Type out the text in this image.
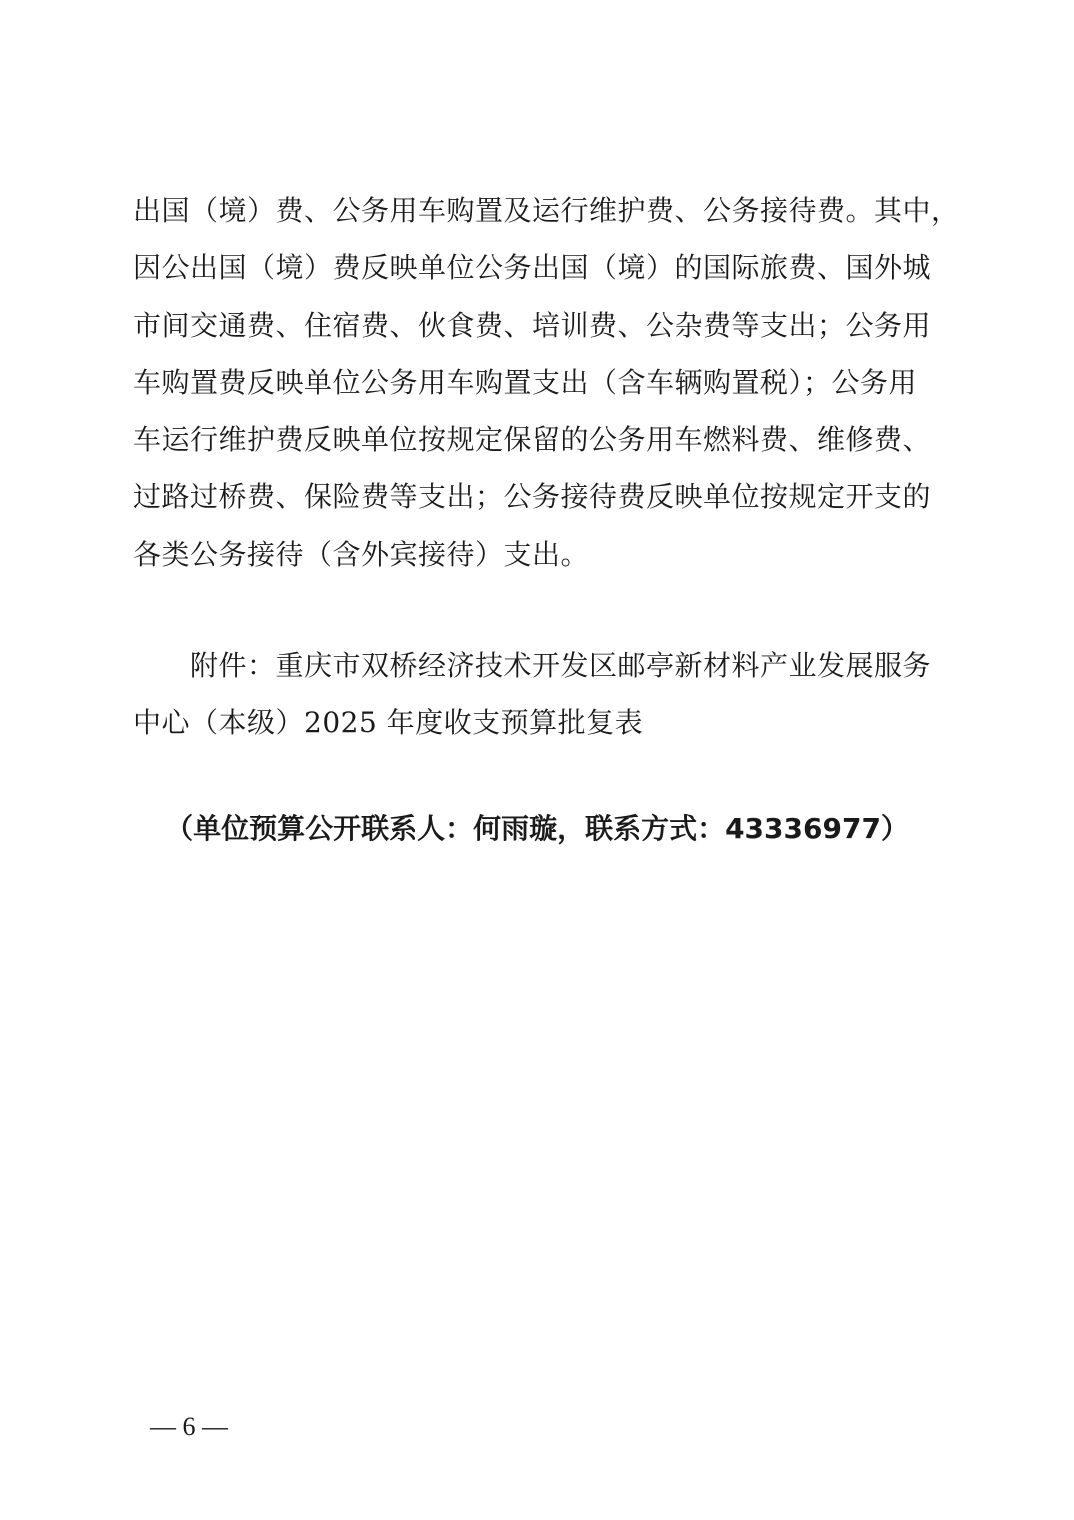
出国（境）费、公务用车购置及运行维护费、公务接待费。其中，
因公出国（境）费反映单位公务出国（境）的国际旅费、国外城
市间交通费、住宿费、伙食费、培训费、公杂费等支出；公务用
车购置费反映单位公务用车购置支出（含车辆购置税）；公务用
车运行维护费反映单位按规定保留的公务用车燃料费、维修费、
过路过桥费、保险费等支出；公务接待费反映单位按规定开支的
各类公务接待（含外宾接待）支出。
附件：重庆市双桥经济技术开发区邮亭新材料产业发展服务
中心（本级）2025 年度收支预算批复表
（单位预算公开联系人：何雨璇，联系方式：43336977）
— 6 —
